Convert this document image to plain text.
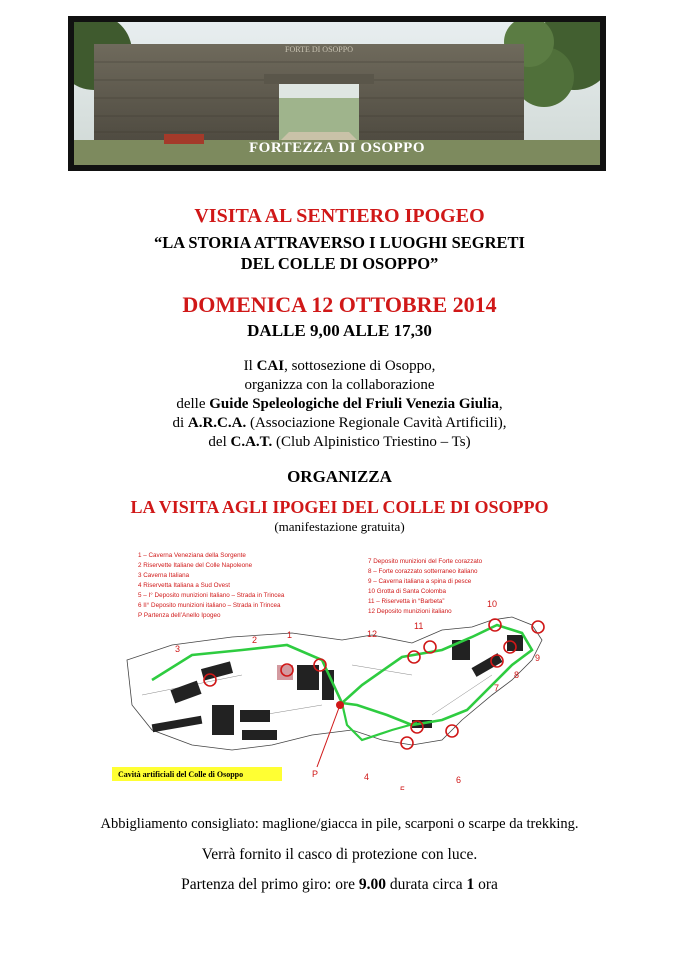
FORTE DI OSOPPO
FORTEZZA DI OSOPPO
VISITA AL SENTIERO IPOGEO
“LA STORIA ATTRAVERSO I LUOGHI SEGRETI
DEL COLLE DI OSOPPO”
DOMENICA 12 OTTOBRE 2014
DALLE 9,00 ALLE 17,30
Il CAI, sottosezione di Osoppo,
organizza con la collaborazione
delle Guide Speleologiche del Friuli Venezia Giulia,
di A.R.C.A. (Associazione Regionale Cavità Artificili),
del C.A.T. (Club Alpinistico Triestino – Ts)
ORGANIZZA
LA VISITA AGLI IPOGEI DEL COLLE DI OSOPPO
(manifestazione gratuita)
1 – Caverna Veneziana della Sorgente
2 Riservette Italiane del Colle Napoleone
3 Caverna Italiana
4 Riservetta Italiana a Sud Ovest
5 – I° Deposito munizioni Italiano – Strada in Trincea
6 II° Deposito munizioni italiano – Strada in Trincea
P Partenza dell’Anello Ipogeo
7 Deposito munizioni del Forte corazzato
8 – Forte corazzato sotterraneo italiano
9 – Caverna italiana a spina di pesce
10 Grotta di Santa Colomba
11 – Riservetta in “Barbeta”
12 Deposito munizioni italiano
3
2	1	12
11
10
9
7
8
4
5
6
P
Cavità artificiali del Colle di Osoppo
Abbigliamento consigliato: maglione/giacca in pile, scarponi o scarpe da trekking.
Verrà fornito il casco di protezione con luce.
Partenza del primo giro: ore 9.00 durata circa 1 ora
